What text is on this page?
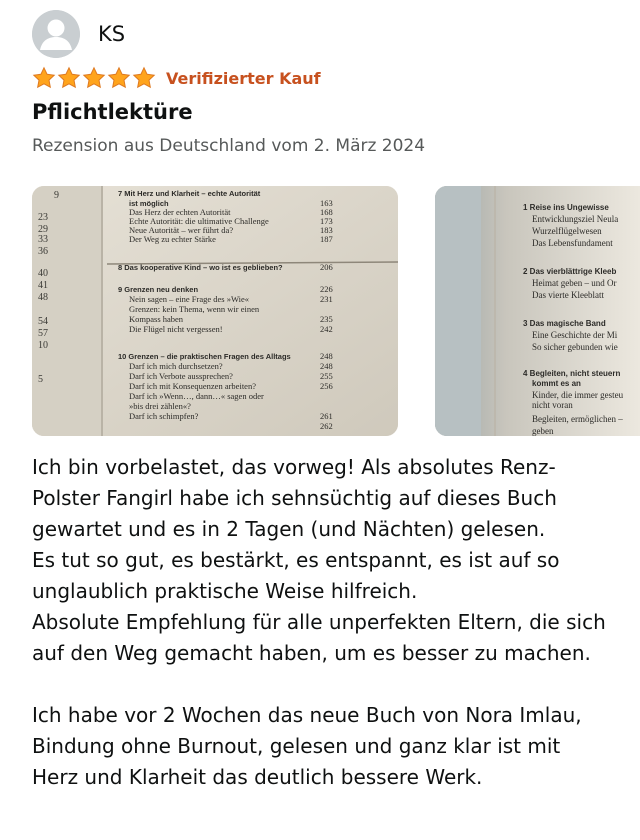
KS
Verifizierter Kauf
Pflichtlektüre
Rezension aus Deutschland vom 2. März 2024
9
23
29
33
36
40
41
48
54
57
10
5
7 Mit Herz und Klarheit – echte Autorität
ist möglich
Das Herz der echten Autorität
Echte Autorität: die ultimative Challenge
Neue Autorität – wer führt da?
Der Weg zu echter Stärke
8 Das kooperative Kind – wo ist es geblieben?
9 Grenzen neu denken
Nein sagen – eine Frage des »Wie«
Grenzen: kein Thema, wenn wir einen
Kompass haben
Die Flügel nicht vergessen!
10 Grenzen – die praktischen Fragen des Alltags
Darf ich mich durchsetzen?
Darf ich Verbote aussprechen?
Darf ich mit Konsequenzen arbeiten?
Darf ich »Wenn…, dann…« sagen oder
»bis drei zählen«?
Darf ich schimpfen?
163
168
173
183
187
206
226
231
235
242
248
248
255
256
261
262
1 Reise ins Ungewisse
Entwicklungsziel Neula
Wurzelflügelwesen
Das Lebensfundament
2 Das vierblättrige Kleeb
Heimat geben – und Or
Das vierte Kleeblatt
3 Das magische Band
Eine Geschichte der Mi
So sicher gebunden wie
4 Begleiten, nicht steuern
kommt es an
Kinder, die immer gesteu
nicht voran
Begleiten, ermöglichen –
geben
Ich bin vorbelastet, das vorweg! Als absolutes Renz-Polster Fangirl habe ich sehnsüchtig auf dieses Buch gewartet und es in 2 Tagen (und Nächten) gelesen.
Es tut so gut, es bestärkt, es entspannt, es ist auf so unglaublich praktische Weise hilfreich.
Absolute Empfehlung für alle unperfekten Eltern, die sich auf den Weg gemacht haben, um es besser zu machen.

Ich habe vor 2 Wochen das neue Buch von Nora Imlau, Bindung ohne Burnout, gelesen und ganz klar ist mit Herz und Klarheit das deutlich bessere Werk.
